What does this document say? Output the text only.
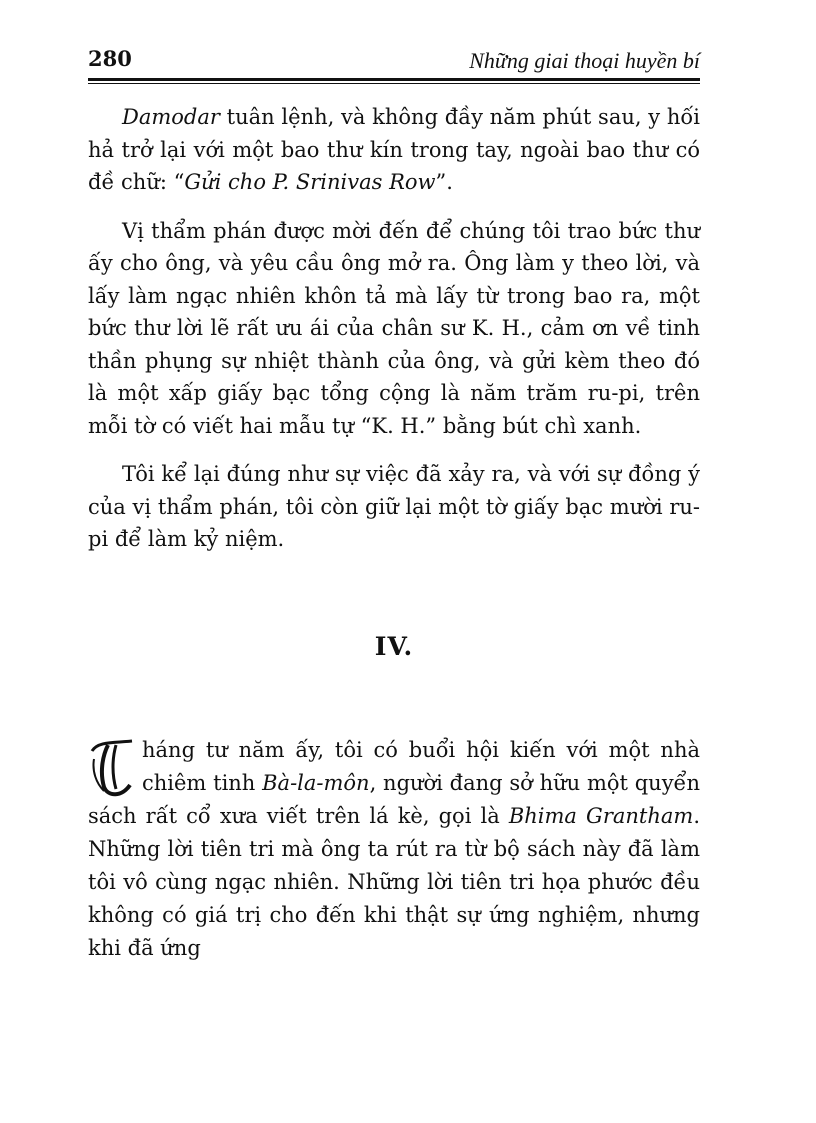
280	Những giai thoại huyền bí

Damodar tuân lệnh, và không đầy năm phút sau, y hối hả trở lại với một bao thư kín trong tay, ngoài bao thư có đề chữ: “Gửi cho P. Srinivas Row”.

Vị thẩm phán được mời đến để chúng tôi trao bức thư ấy cho ông, và yêu cầu ông mở ra. Ông làm y theo lời, và lấy làm ngạc nhiên khôn tả mà lấy từ trong bao ra, một bức thư lời lẽ rất ưu ái của chân sư K. H., cảm ơn về tinh thần phụng sự nhiệt thành của ông, và gửi kèm theo đó là một xấp giấy bạc tổng cộng là năm trăm ru-pi, trên mỗi tờ có viết hai mẫu tự “K. H.” bằng bút chì xanh.

Tôi kể lại đúng như sự việc đã xảy ra, và với sự đồng ý của vị thẩm phán, tôi còn giữ lại một tờ giấy bạc mười ru-pi để làm kỷ niệm.

IV.
háng tư năm ấy, tôi có buổi hội kiến với một nhà chiêm tinh Bà-la-môn, người đang sở hữu một quyển sách rất cổ xưa viết trên lá kè, gọi là Bhima Grantham. Những lời tiên tri mà ông ta rút ra từ bộ sách này đã làm tôi vô cùng ngạc nhiên. Những lời tiên tri họa phước đều không có giá trị cho đến khi thật sự ứng nghiệm, nhưng khi đã ứng
